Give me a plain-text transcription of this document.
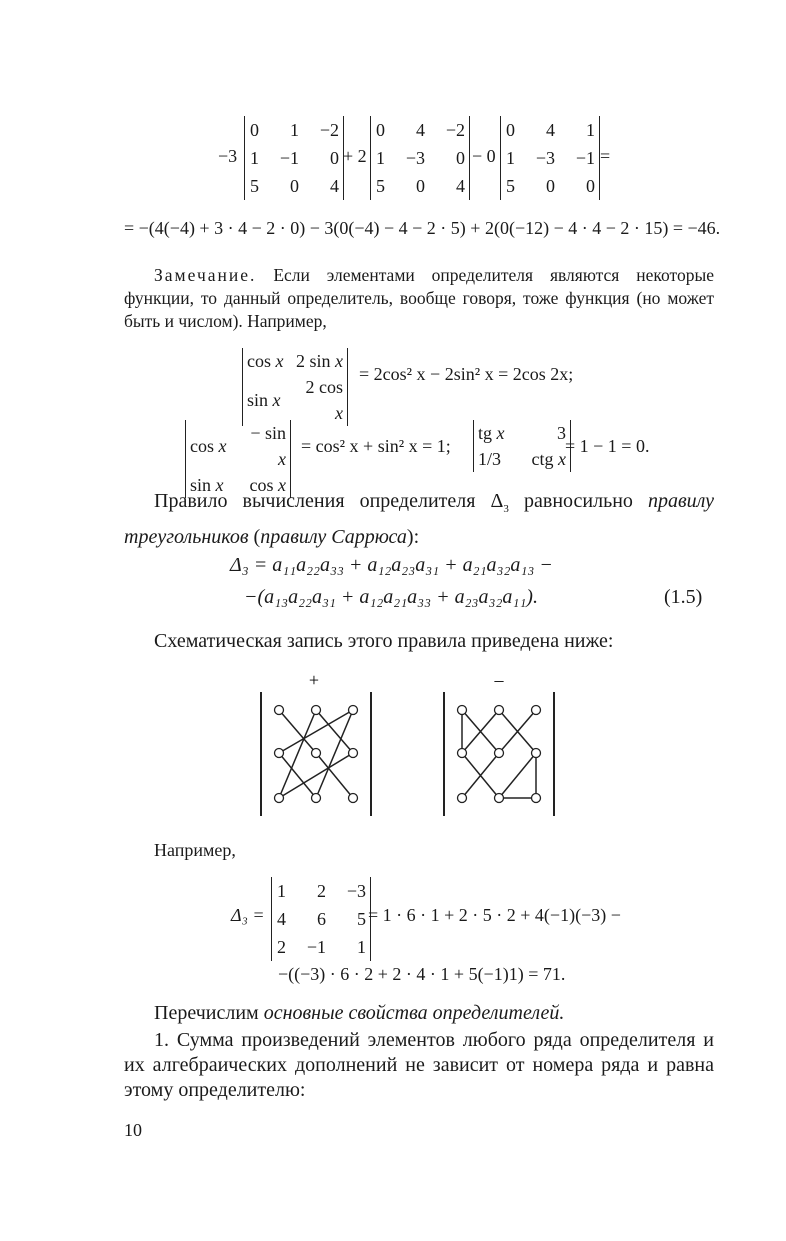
−3
0	1	−2
1	−1	0
5	0	4
+ 2
0	4	−2
1	−3	0
5	0	4
− 0
0	4	1
1	−3	−1
5	0	0
=
= −(4(−4) + 3 · 4 − 2 · 0) − 3(0(−4) − 4 − 2 · 5) + 2(0(−12) − 4 · 4 − 2 · 15) = −46.
Замечание. Если элементами определителя являются некоторые функции, то данный определитель, вообще говоря, тоже функция (но может быть и числом). Например,
cos x	2 sin x
sin x	2 cos x
= 2cos² x − 2sin² x = 2cos 2x;
cos x	− sin x
sin x	cos x
= cos² x + sin² x = 1;
tg x	3
1/3	ctg x
= 1 − 1 = 0.
Правило вычисления определителя $\Delta_3$ равносильно правилу треугольников (правилу Саррюса):
Δ₃ = a₁₁a₂₂a₃₃ + a₁₂a₂₃a₃₁ + a₂₁a₃₂a₁₃ −
−(a₁₃a₂₂a₃₁ + a₁₂a₂₁a₃₃ + a₂₃a₃₂a₁₁).	(1.5)
Схематическая запись этого правила приведена ниже:
+	–
Например,
Δ₃ =
1	2	−3
4	6	5
2	−1	1
= 1 · 6 · 1 + 2 · 5 · 2 + 4(−1)(−3) −
−((−3) · 6 · 2 + 2 · 4 · 1 + 5(−1)1) = 71.
Перечислим основные свойства определителей.
1. Сумма произведений элементов любого ряда определителя и их алгебраических дополнений не зависит от номера ряда и равна этому определителю:
10
